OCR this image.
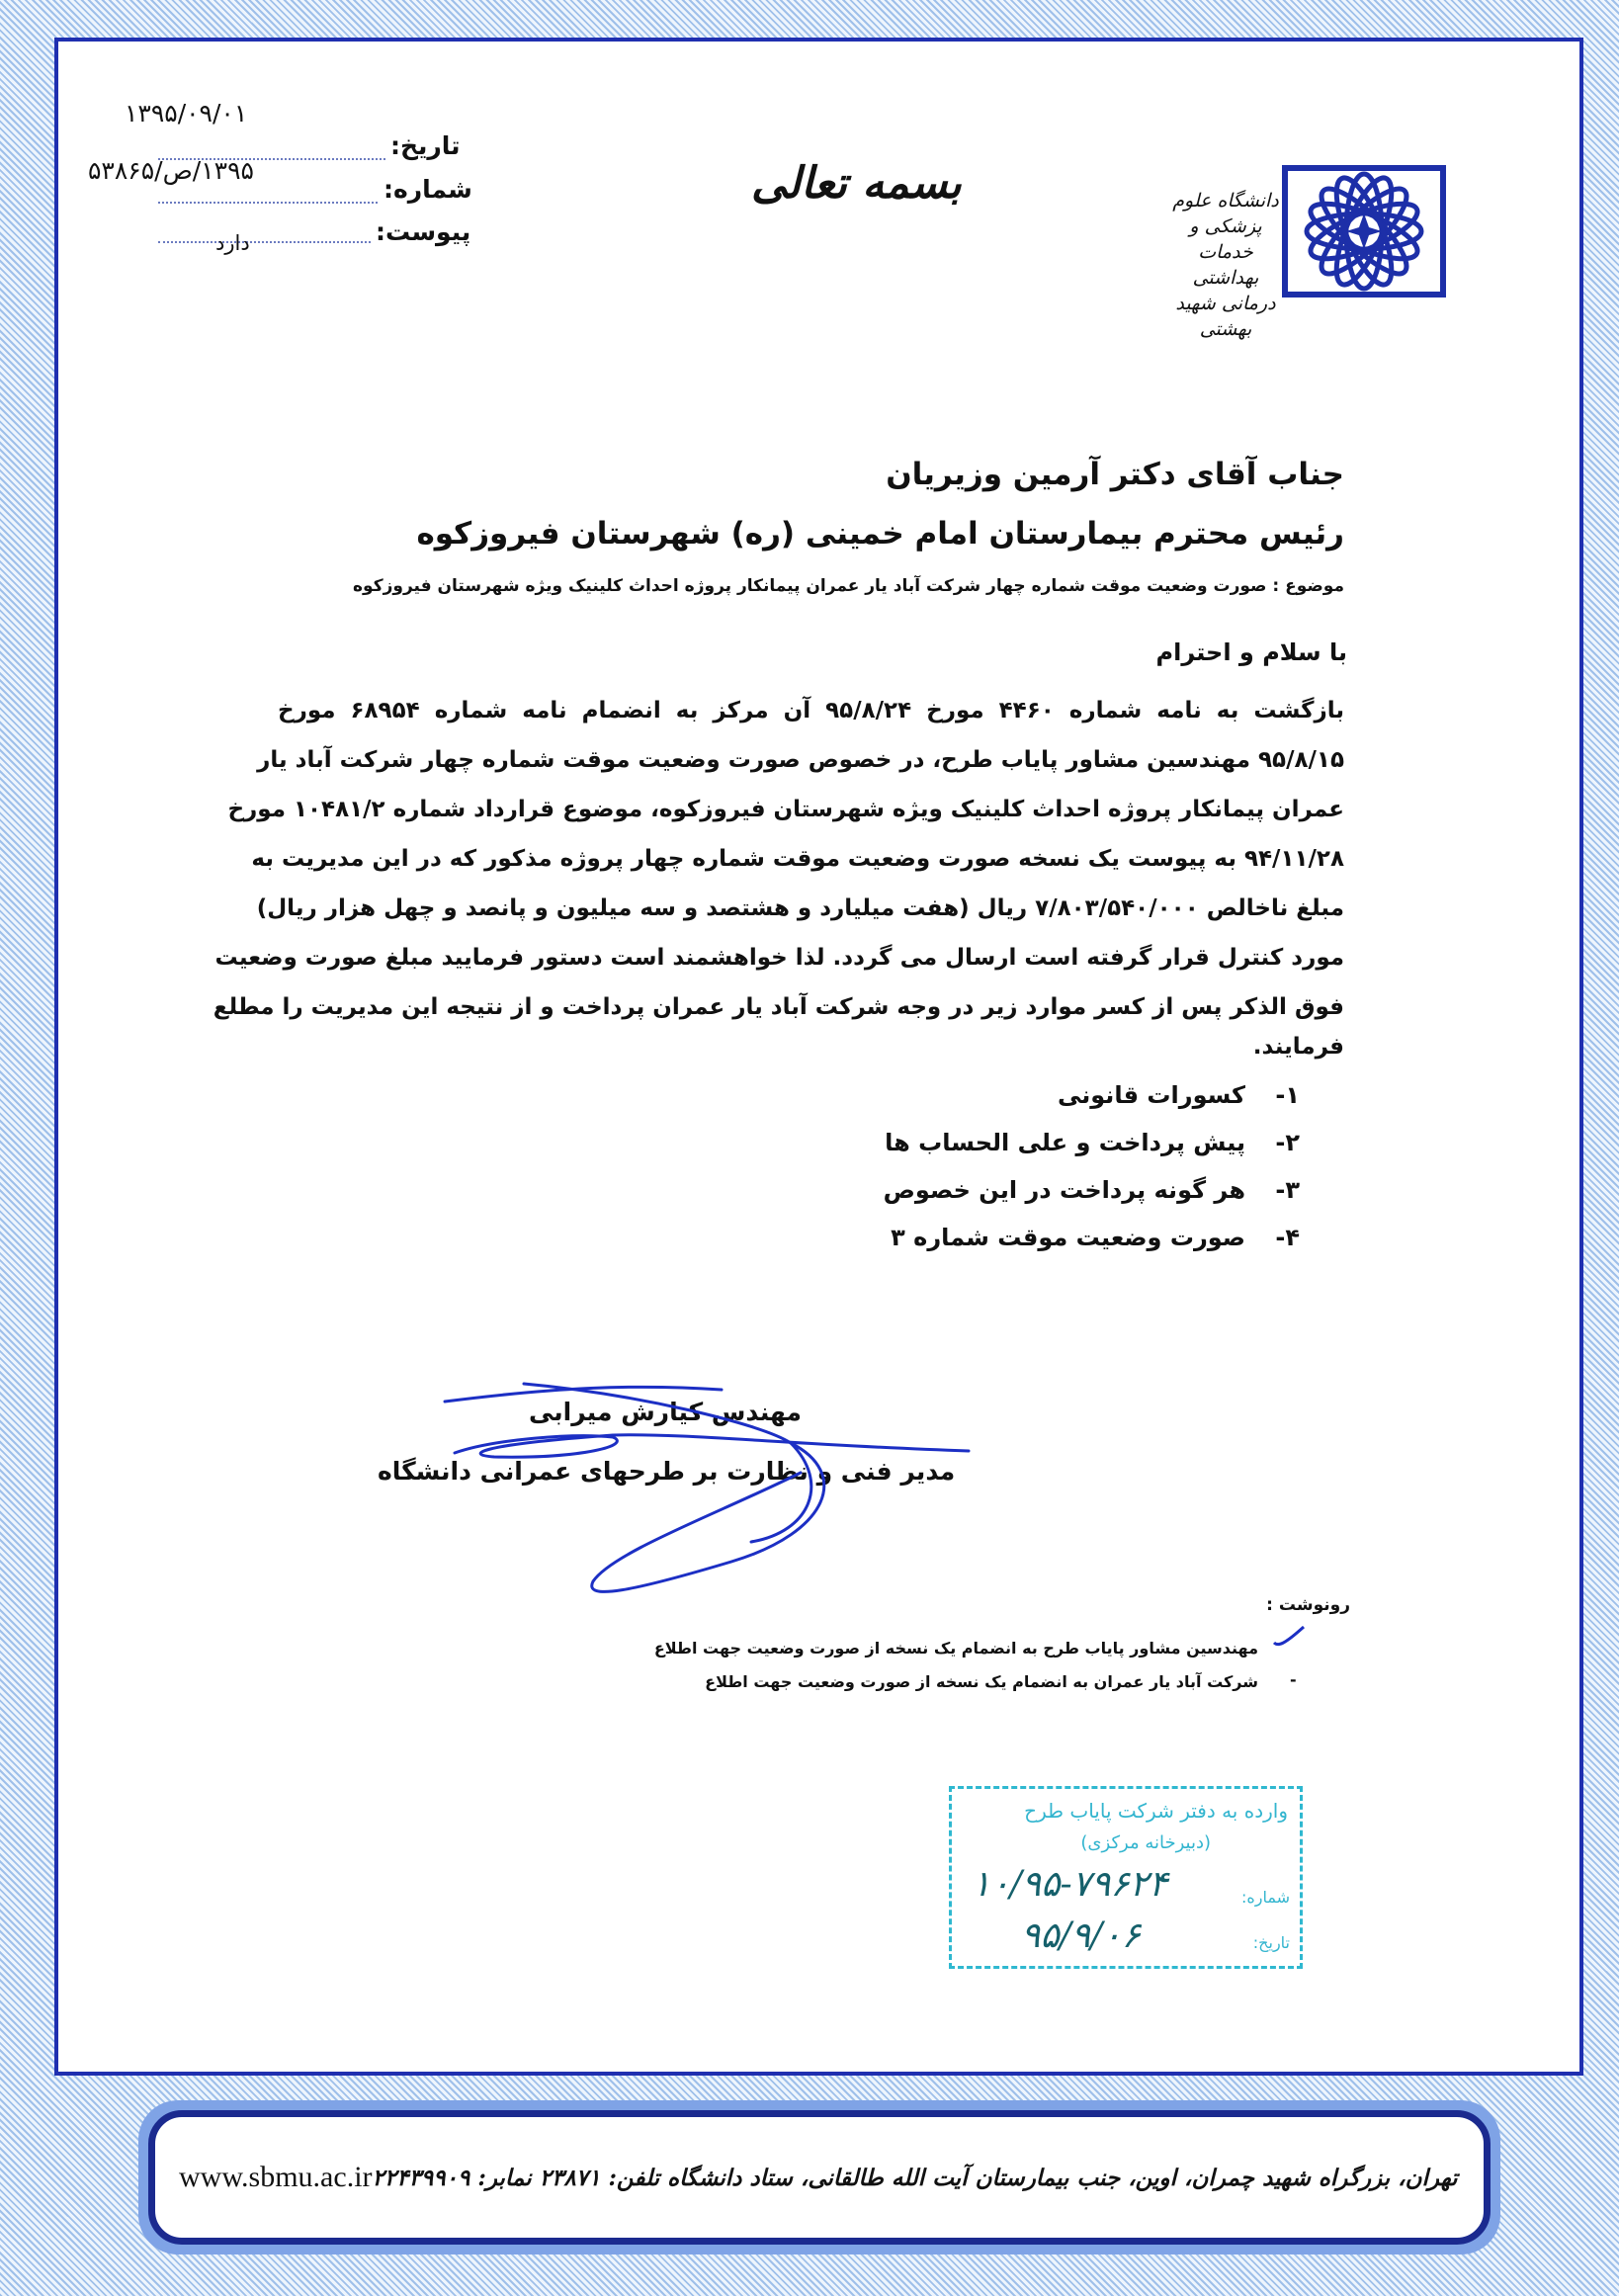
۱۳۹۵/۰۹/۰۱
تاریخ:
۱۳۹۵/ص/۵۳۸۶۵
شماره:
پیوست:
دارد
بسمه تعالی	دانشگاه علوم پزشکی و خدمات بهداشتی درمانی شهید بهشتی
جناب آقای دکتر آرمین وزیریان
رئیس محترم بیمارستان امام خمینی (ره) شهرستان فیروزکوه
موضوع : صورت وضعیت موقت شماره چهار شرکت آباد یار عمران پیمانکار پروژه احداث کلینیک ویژه شهرستان فیروزکوه
با سلام و احترام
بازگشت به نامه شماره ۴۴۶۰ مورخ ۹۵/۸/۲۴ آن مرکز به انضمام نامه شماره ۶۸۹۵۴ مورخ
۹۵/۸/۱۵ مهندسین مشاور پایاب طرح، در خصوص صورت وضعیت موقت شماره چهار شرکت آباد یار
عمران پیمانکار پروژه احداث کلینیک ویژه شهرستان فیروزکوه، موضوع قرارداد شماره ۱۰۴۸۱/۲ مورخ
۹۴/۱۱/۲۸ به پیوست یک نسخه صورت وضعیت موقت شماره چهار پروژه مذکور که در این مدیریت به
مبلغ ناخالص ۷/۸۰۳/۵۴۰/۰۰۰ ریال (هفت میلیارد و هشتصد و سه میلیون و پانصد و چهل هزار ریال)
مورد کنترل قرار گرفته است ارسال می گردد. لذا خواهشمند است دستور فرمایید مبلغ صورت وضعیت
فوق الذکر پس از کسر موارد زیر در وجه شرکت آباد یار عمران پرداخت و از نتیجه این مدیریت را مطلع
فرمایند.
۱-کسورات قانونی
۲-پیش پرداخت و علی الحساب ها
۳-هر گونه پرداخت در این خصوص
۴-صورت وضعیت موقت شماره ۳
مهندس کیارش میرابی
مدیر فنی و نظارت بر طرحهای عمرانی دانشگاه
رونوشت :
مهندسین مشاور پایاب طرح به انضمام یک نسخه از صورت وضعیت جهت اطلاع
-
شرکت آباد یار عمران به انضمام یک نسخه از صورت وضعیت جهت اطلاع
وارده به دفتر شرکت پایاب طرح
(دبیرخانه مرکزی)
شماره:
۱۰/۹۵-۷۹۶۲۴
تاریخ:
۹۵/۹/۰۶
www.sbmu.ac.ir تهران، بزرگراه شهید چمران، اوین، جنب بیمارستان آیت الله طالقانی، ستاد دانشگاه تلفن: ۲۳۸۷۱ نمابر: ۲۲۴۳۹۹۰۹
